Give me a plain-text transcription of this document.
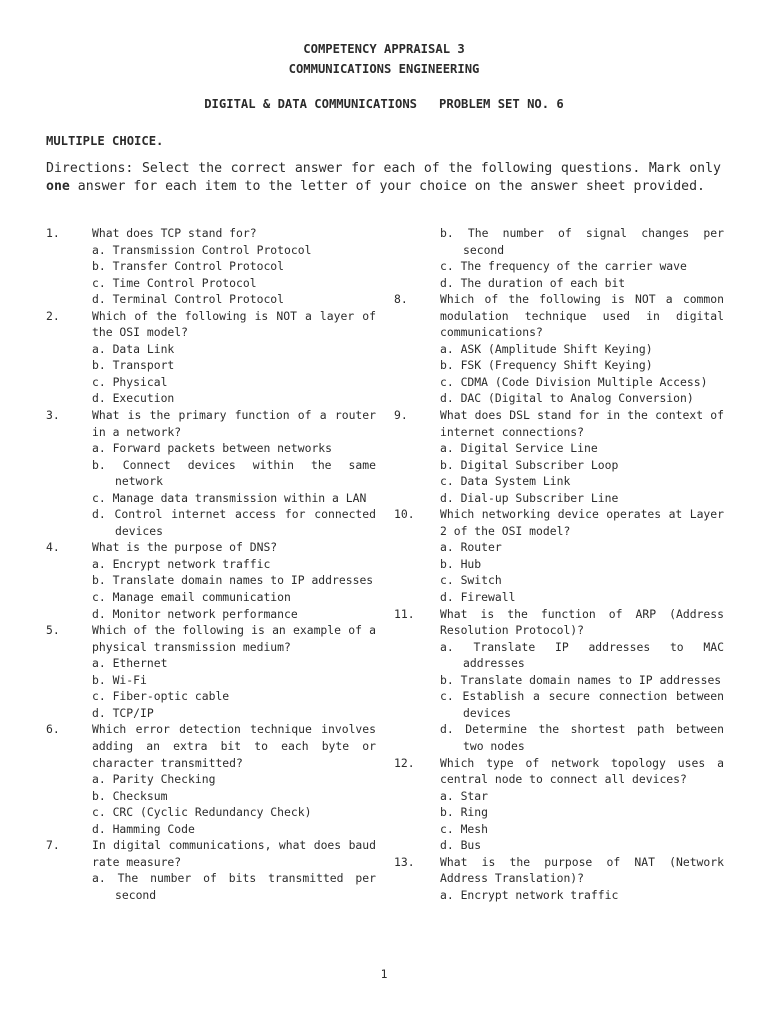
COMPETENCY APPRAISAL 3
COMMUNICATIONS ENGINEERING
DIGITAL & DATA COMMUNICATIONS   PROBLEM SET NO. 6
MULTIPLE CHOICE.
Directions: Select the correct answer for each of the following questions. Mark only one answer for each item to the letter of your choice on the answer sheet provided.
1.	What does TCP stand for?
a. Transmission Control Protocol
b. Transfer Control Protocol
c. Time Control Protocol
d. Terminal Control Protocol
2.	Which of the following is NOT a layer of the OSI model?
a. Data Link
b. Transport
c. Physical
d. Execution
3.	What is the primary function of a router in a network?
a. Forward packets between networks
b. Connect devices within the same network
c. Manage data transmission within a LAN
d. Control internet access for connected devices
4.	What is the purpose of DNS?
a. Encrypt network traffic
b. Translate domain names to IP addresses
c. Manage email communication
d. Monitor network performance
5.	Which of the following is an example of a physical transmission medium?
a. Ethernet
b. Wi-Fi
c. Fiber-optic cable
d. TCP/IP
6.	Which error detection technique involves adding an extra bit to each byte or character transmitted?
a. Parity Checking
b. Checksum
c. CRC (Cyclic Redundancy Check)
d. Hamming Code
7.	In digital communications, what does baud rate measure?
a. The number of bits transmitted per second
b. The number of signal changes per second
c. The frequency of the carrier wave
d. The duration of each bit
8.	Which of the following is NOT a common modulation technique used in digital communications?
a. ASK (Amplitude Shift Keying)
b. FSK (Frequency Shift Keying)
c. CDMA (Code Division Multiple Access)
d. DAC (Digital to Analog Conversion)
9.	What does DSL stand for in the context of internet connections?
a. Digital Service Line
b. Digital Subscriber Loop
c. Data System Link
d. Dial-up Subscriber Line
10. Which networking device operates at Layer 2 of the OSI model?
a. Router
b. Hub
c. Switch
d. Firewall
11. What is the function of ARP (Address Resolution Protocol)?
a. Translate IP addresses to MAC addresses
b. Translate domain names to IP addresses
c. Establish a secure connection between devices
d. Determine the shortest path between two nodes
12. Which type of network topology uses a central node to connect all devices?
a. Star
b. Ring
c. Mesh
d. Bus
13. What is the purpose of NAT (Network Address Translation)?
a. Encrypt network traffic
1
